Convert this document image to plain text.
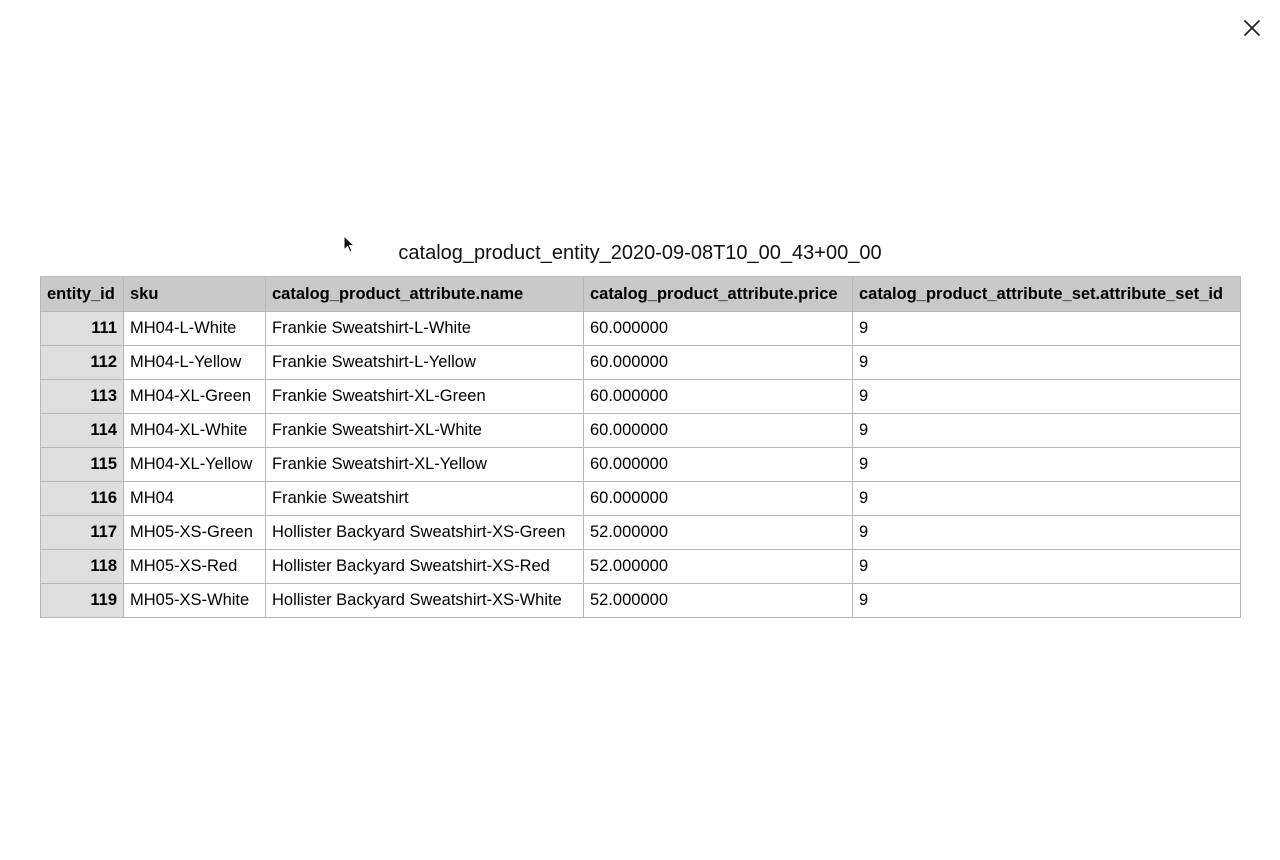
catalog_product_entity_2020-09-08T10_00_43+00_00
entity_id	sku	catalog_product_attribute.name	catalog_product_attribute.price	catalog_product_attribute_set.attribute_set_id
111	MH04-L-White	Frankie Sweatshirt-L-White	60.000000	9
112	MH04-L-Yellow	Frankie Sweatshirt-L-Yellow	60.000000	9
113	MH04-XL-Green	Frankie Sweatshirt-XL-Green	60.000000	9
114	MH04-XL-White	Frankie Sweatshirt-XL-White	60.000000	9
115	MH04-XL-Yellow	Frankie Sweatshirt-XL-Yellow	60.000000	9
116	MH04	Frankie Sweatshirt	60.000000	9
117	MH05-XS-Green	Hollister Backyard Sweatshirt-XS-Green	52.000000	9
118	MH05-XS-Red	Hollister Backyard Sweatshirt-XS-Red	52.000000	9
119	MH05-XS-White	Hollister Backyard Sweatshirt-XS-White	52.000000	9
